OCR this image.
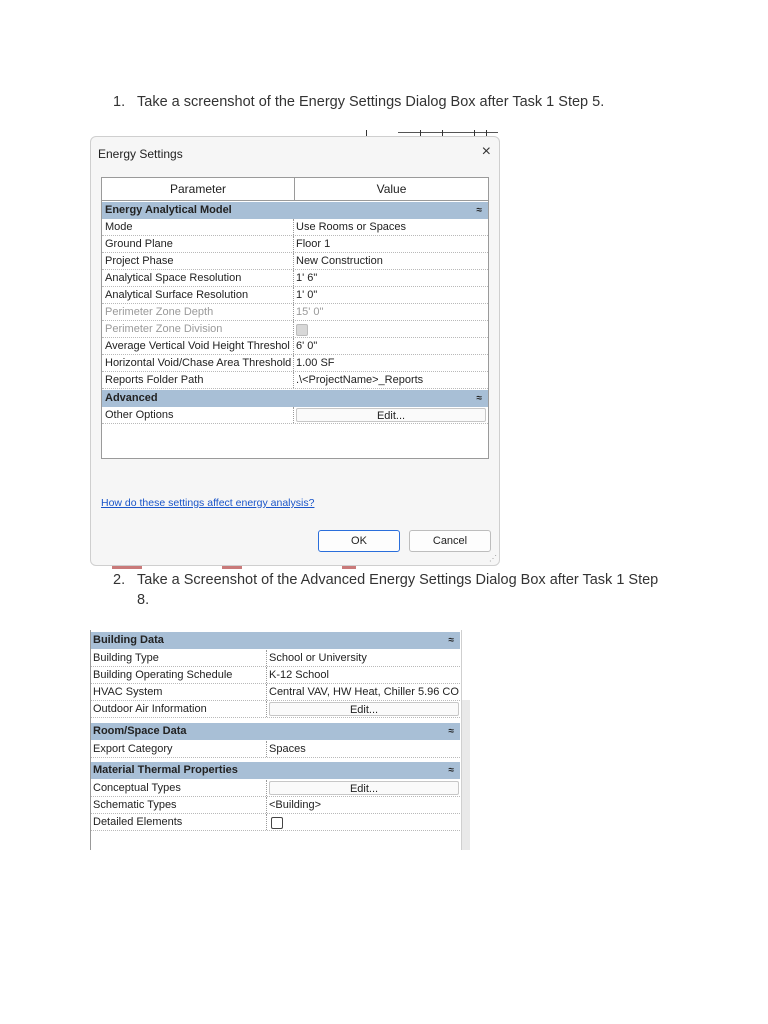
1. Take a screenshot of the Energy Settings Dialog Box after Task 1 Step 5.
Energy Settings	×
Parameter	Value
Energy Analytical Model	≈
Mode	Use Rooms or Spaces
Ground Plane	Floor 1
Project Phase	New Construction
Analytical Space Resolution	1' 6"
Analytical Surface Resolution	1' 0"
Perimeter Zone Depth	15' 0"
Perimeter Zone Division
Average Vertical Void Height Threshol 6' 0"
Horizontal Void/Chase Area Threshold 1.00 SF
Reports Folder Path	.\<ProjectName>_Reports
Advanced	≈
Other Options	Edit...
How do these settings affect energy analysis?
OK	Cancel
⋰
2. Take a Screenshot of the Advanced Energy Settings Dialog Box after Task 1 Step
8.
Building Data	≈
Building Type	School or University
Building Operating Schedule	K-12 School
HVAC System	Central VAV, HW Heat, Chiller 5.96 CO
Outdoor Air Information	Edit...
Room/Space Data	≈
Export Category	Spaces
Material Thermal Properties	≈
Conceptual Types	Edit...
Schematic Types	<Building>
Detailed Elements
